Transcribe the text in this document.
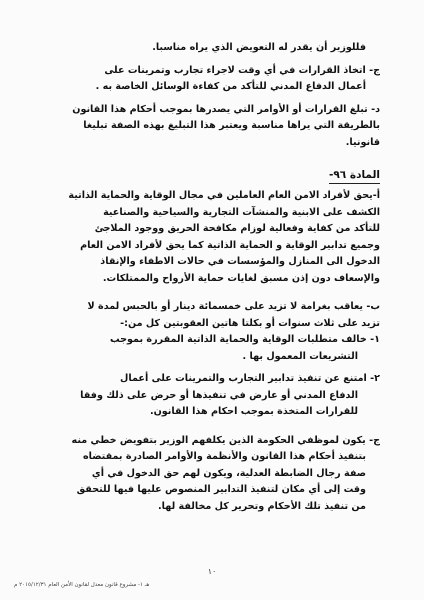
فللوزير أن يقدر له التعويض الذي يراه مناسبا.
ج- اتخاذ القرارات في أي وقت لاجراء تجارب وتمرينات على
أعمال الدفاع المدني للتأكد من كفاءة الوسائل الخاصة به .
د- تبلغ القرارات أو الأوامر التي يصدرها بموجب أحكام هذا القانون
بالطريقة التي يراها مناسبة ويعتبر هذا التبليغ بهذه الصفة تبليغا
قانونيا.
المادة ٩٦-
أ-يحق لأفراد الامن العام العاملين في مجال الوقاية والحماية الذاتية
الكشف على الابنية والمنشآت التجارية والسياحية والصناعية
للتأكد من كفاية وفعالية لوزام مكافحة الحريق ووجود الملاجئ
وجميع تدابير الوقاية و الحماية الذاتية كما يحق لأفراد الامن العام
الدخول الى المنازل والمؤسسات في حالات الاطفاء والإنقاذ
والإسعاف دون إذن مسبق لغايات حماية الأرواح والممتلكات.
ب- يعاقب بغرامة لا تزيد على خمسمائة دينار أو بالحبس لمدة لا
تزيد على ثلاث سنوات أو بكلتا هاتين العقوبتين كل من:-
١- خالف متطلبات الوقاية والحماية الذاتية المقررة بموجب
التشريعات المعمول بها .
٢- امتنع عن تنفيذ تدابير التجارب والتمرينات على أعمال
الدفاع المدني أو عارض في تنفيذها أو حرض على ذلك وفقا
للقرارات المتخذة بموجب احكام هذا القانون.
ج- يكون لموظفي الحكومة الذين يكلفهم الوزير بتفويض خطي منه
بتنفيذ أحكام هذا القانون والأنظمة والأوامر الصادرة بمقتضاه
صفة رجال الضابطة العدلية، ويكون لهم حق الدخول في أي
وقت إلى أي مكان لتنفيذ التدابير المنصوص عليها فيها للتحقق
من تنفيذ تلك الأحكام وتحرير كل مخالفة لها.
١٠
هـ ١- مشروع قانون معدل لقانون الأمن العام ٢٠١٥/١٢/٣١ م
